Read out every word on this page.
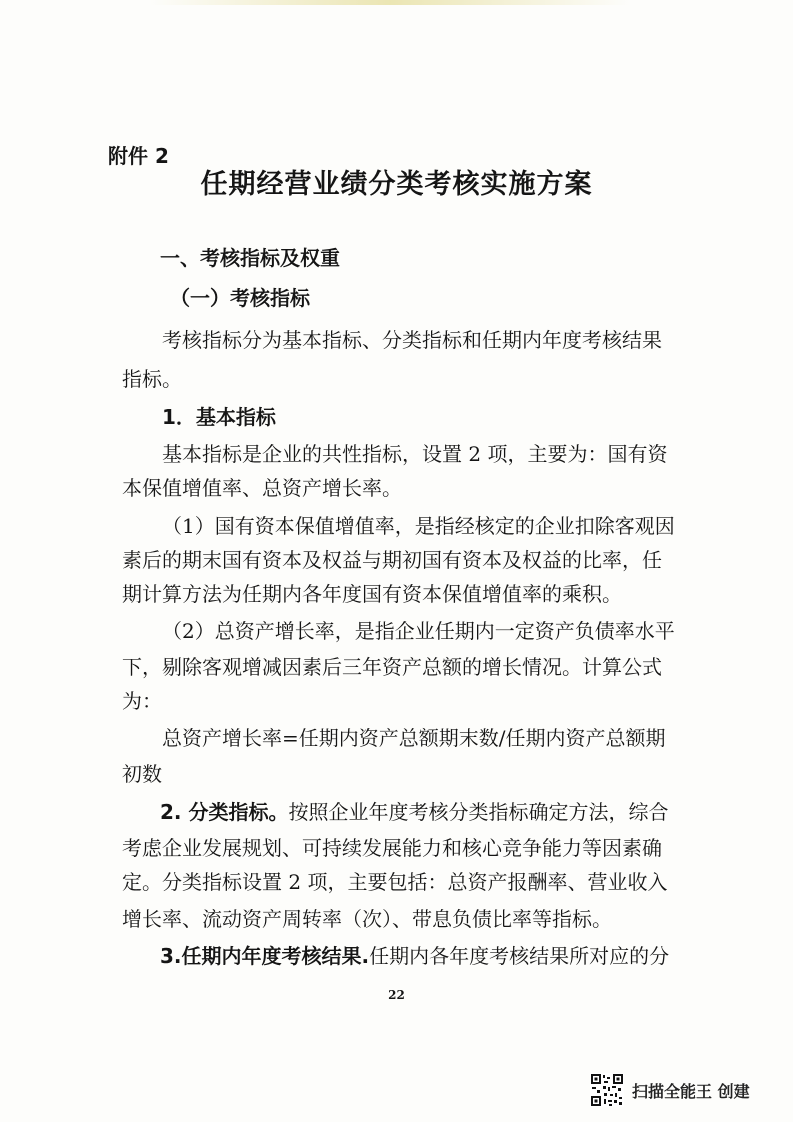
附件 2
任期经营业绩分类考核实施方案
一、考核指标及权重
（一）考核指标
考核指标分为基本指标、分类指标和任期内年度考核结果
指标。
1．基本指标
基本指标是企业的共性指标，设置 2 项，主要为：国有资
本保值增值率、总资产增长率。
（1）国有资本保值增值率，是指经核定的企业扣除客观因
素后的期末国有资本及权益与期初国有资本及权益的比率，任
期计算方法为任期内各年度国有资本保值增值率的乘积。
（2）总资产增长率，是指企业任期内一定资产负债率水平
下，剔除客观增减因素后三年资产总额的增长情况。计算公式
为：
总资产增长率=任期内资产总额期末数/任期内资产总额期
初数
2. 分类指标。按照企业年度考核分类指标确定方法，综合
考虑企业发展规划、可持续发展能力和核心竞争能力等因素确
定。分类指标设置 2 项，主要包括：总资产报酬率、营业收入
增长率、流动资产周转率（次）、带息负债比率等指标。
3.任期内年度考核结果.任期内各年度考核结果所对应的分
22
扫描全能王 创建
